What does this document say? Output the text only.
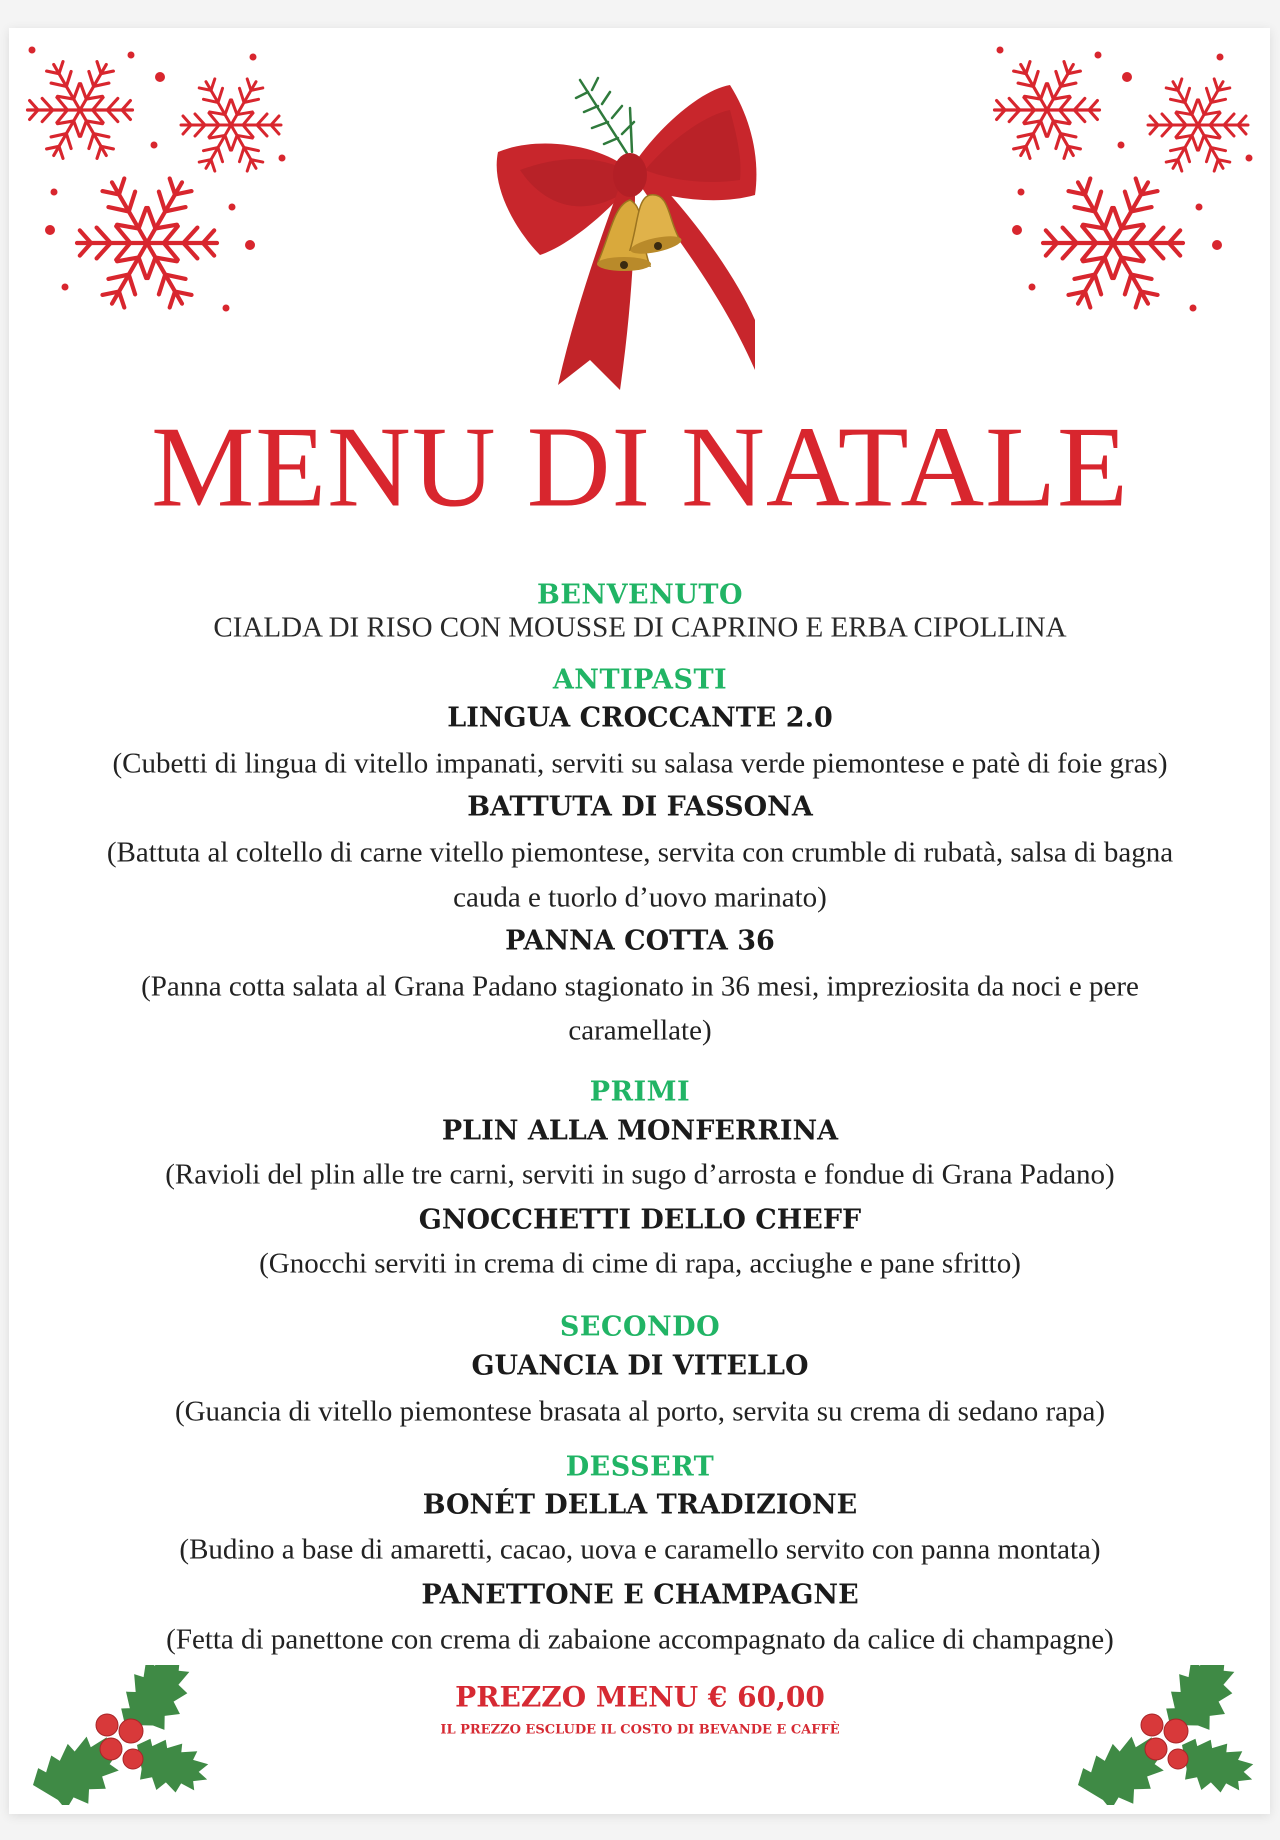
MENU DI NATALE
BENVENUTO
CIALDA DI RISO CON MOUSSE DI CAPRINO E ERBA CIPOLLINA
ANTIPASTI
LINGUA CROCCANTE 2.0
(Cubetti di lingua di vitello impanati, serviti su salasa verde piemontese e patè di foie gras)
BATTUTA DI FASSONA
(Battuta al coltello di carne vitello piemontese, servita con crumble di rubatà, salsa di bagna
cauda e tuorlo d’uovo marinato)
PANNA COTTA 36
(Panna cotta salata al Grana Padano stagionato in 36 mesi, impreziosita da noci e pere
caramellate)
PRIMI
PLIN ALLA MONFERRINA
(Ravioli del plin alle tre carni, serviti in sugo d’arrosta e fondue di Grana Padano)
GNOCCHETTI DELLO CHEFF
(Gnocchi serviti in crema di cime di rapa, acciughe e pane sfritto)
SECONDO
GUANCIA DI VITELLO
(Guancia di vitello piemontese brasata al porto, servita su crema di sedano rapa)
DESSERT
BONÉT DELLA TRADIZIONE
(Budino a base di amaretti, cacao, uova e caramello servito con panna montata)
PANETTONE E CHAMPAGNE
(Fetta di panettone con crema di zabaione accompagnato da calice di champagne)
PREZZO MENU € 60,00
IL PREZZO ESCLUDE IL COSTO DI BEVANDE E CAFFÈ
